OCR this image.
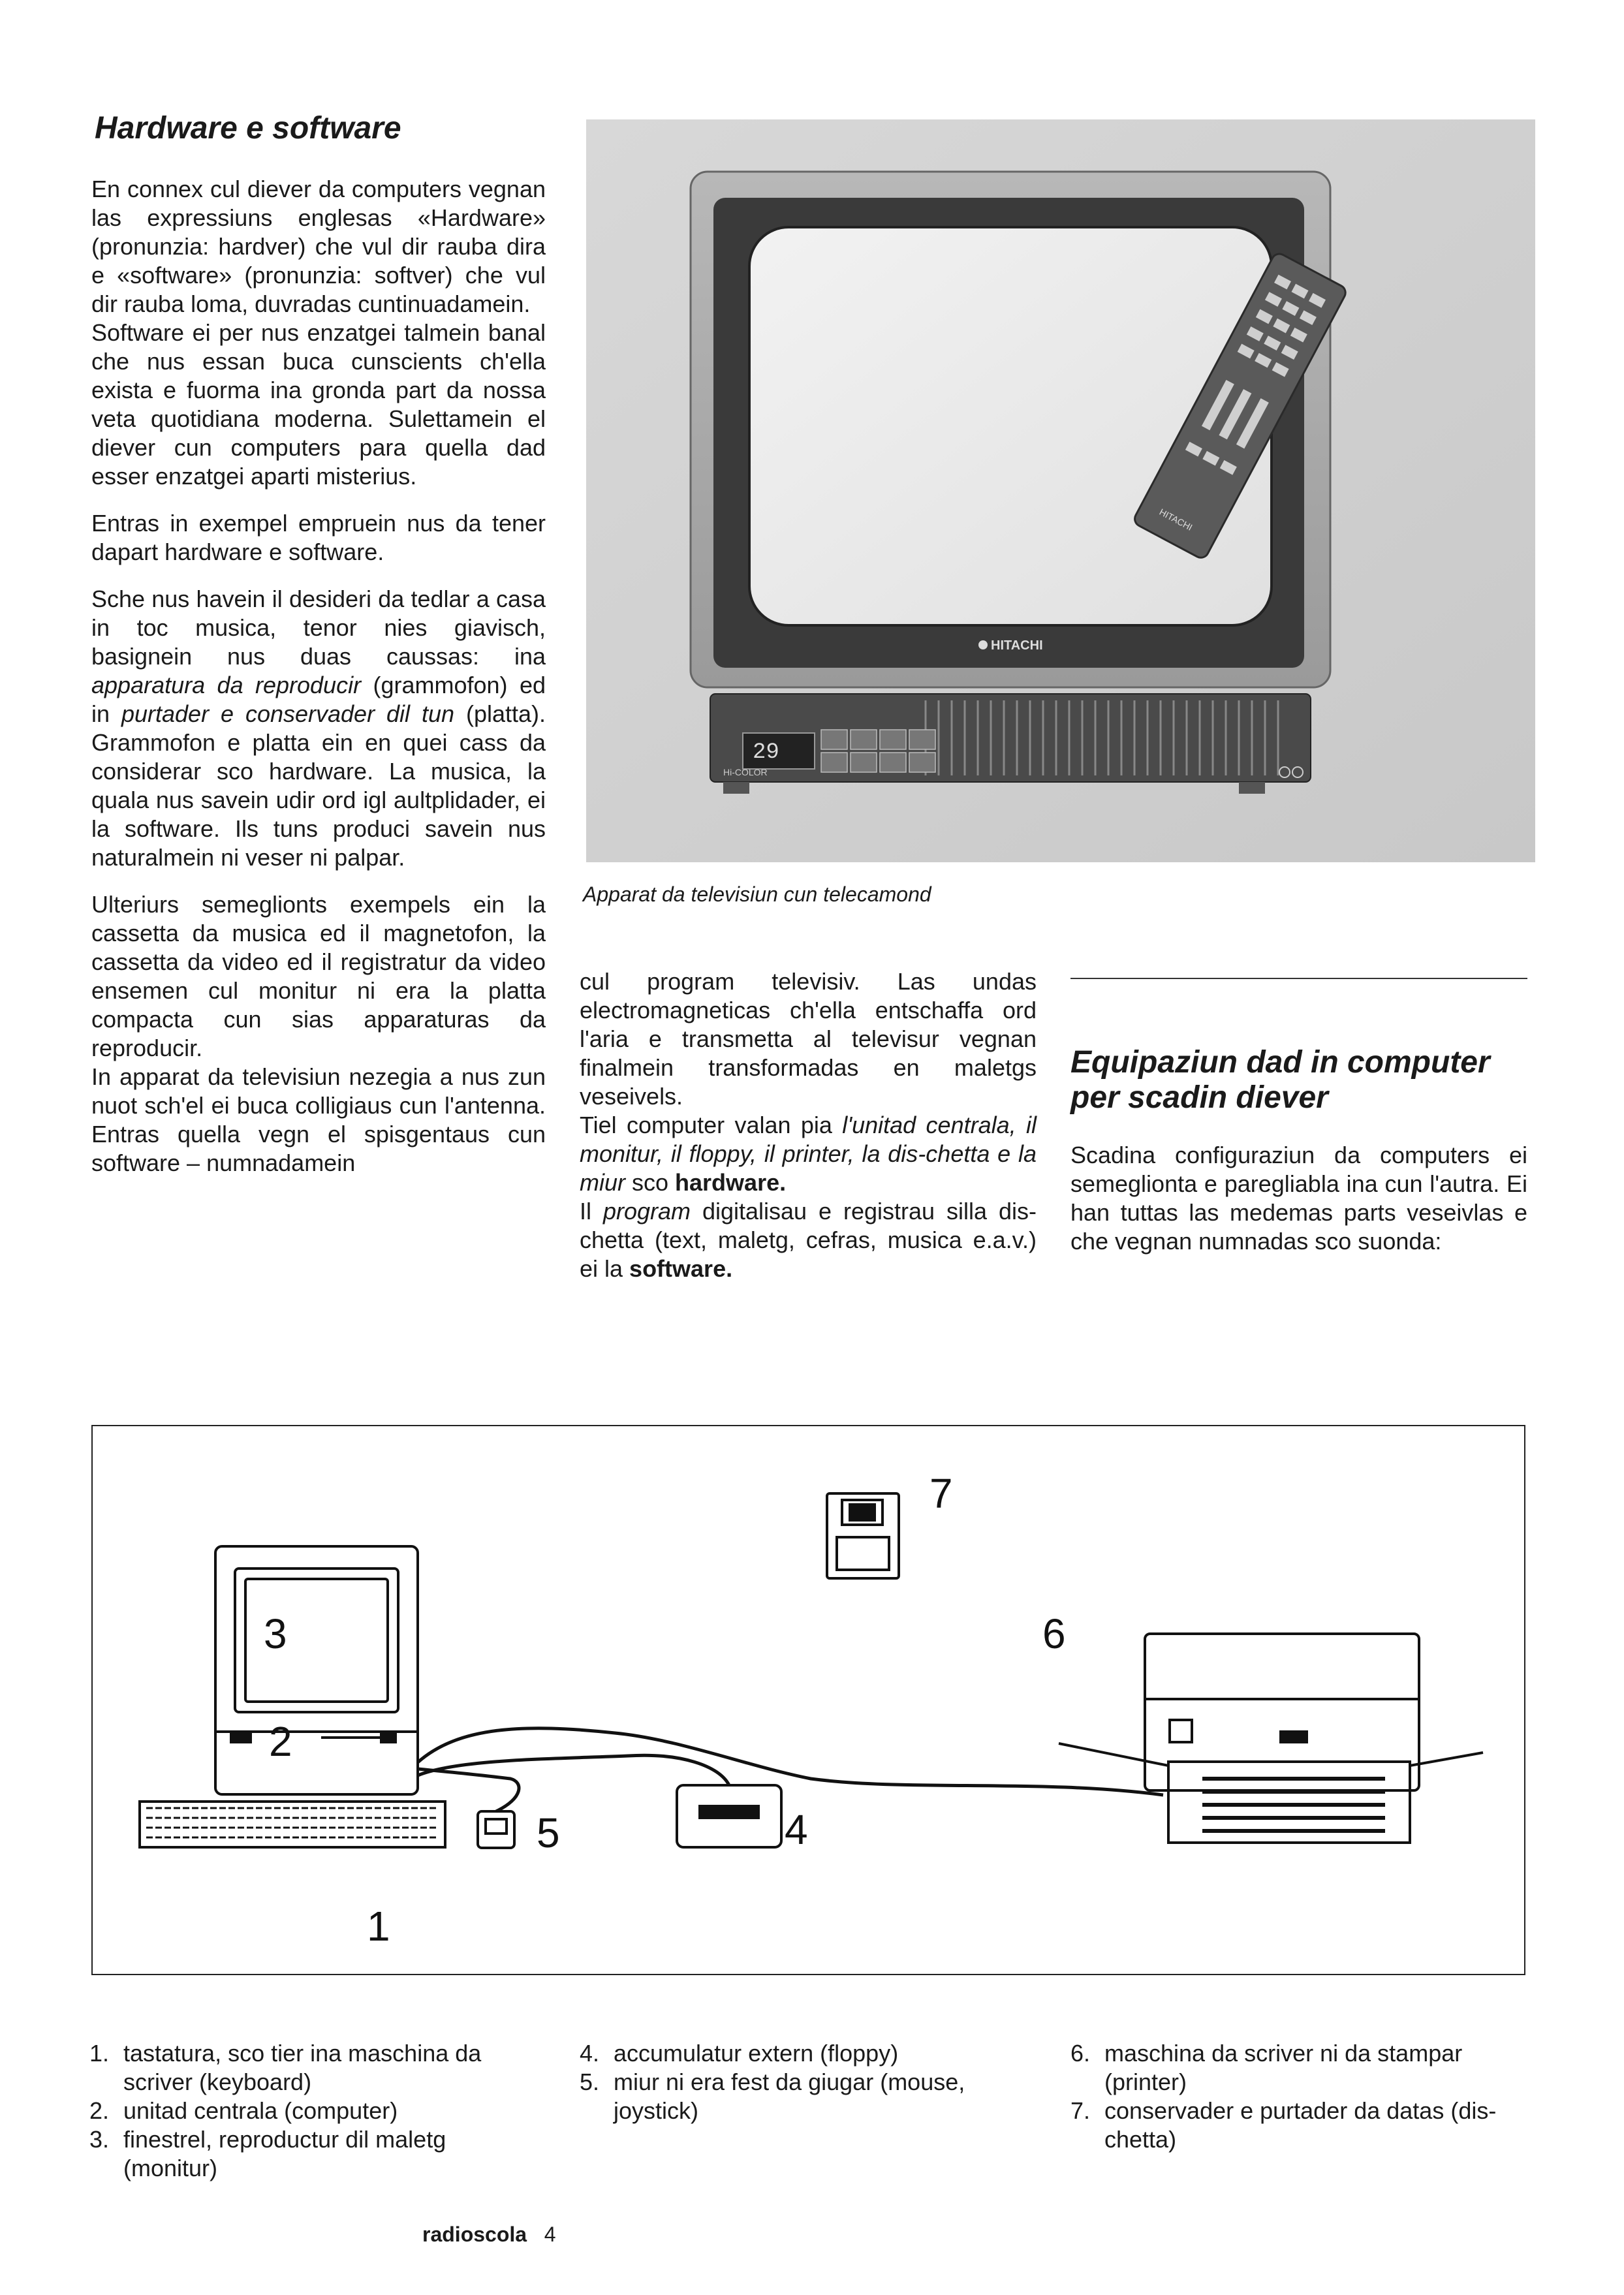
Hardware e software

En connex cul diever da computers vegnan las expressiuns englesas «Hardware» (pronunzia: hardver) che vul dir rauba dira e «software» (pronunzia: softver) che vul dir rauba loma, duvradas cuntinuadamein.

Software ei per nus enzatgei talmein banal che nus essan buca cunscients ch'ella exista e fuorma ina gronda part da nossa veta quotidiana moderna. Sulettamein el diever cun computers para quella dad esser enzatgei aparti misterius.

Entras in exempel empruein nus da tener dapart hardware e software.

Sche nus havein il desideri da tedlar a casa in toc musica, tenor nies giavisch, basignein nus duas caussas: ina apparatura da reproducir (grammofon) ed in purtader e conservader dil tun (platta). Grammofon e platta ein en quei cass da considerar sco hardware. La musica, la quala nus savein udir ord igl aultplidader, ei la software. Ils tuns produci savein nus naturalmein ni veser ni palpar.

Ulteriurs semeglionts exempels ein la cassetta da musica ed il magnetofon, la cassetta da video ed il registratur da video ensemen cul monitur ni era la platta compacta cun sias apparaturas da reproducir.

In apparat da televisiun nezegia a nus zun nuot sch'el ei buca colligiaus cun l'antenna. Entras quella vegn el spisgentaus cun software – numnadamein

HITACHI
29
Hi-COLOR
HITACHI
Apparat da televisiun cun telecamond

cul program televisiv. Las undas electromagneticas ch'ella entschaffa ord l'aria e transmetta al televisur vegnan finalmein transformadas en maletgs veseivels.

Tiel computer valan pia l'unitad centrala, il monitur, il floppy, il printer, la dis-chetta e la miur sco hardware.

Il program digitalisau e registrau silla dis-chetta (text, maletg, cefras, musica e.a.v.) ei la software.

Equipaziun dad in computer per scadin diever
Scadina configuraziun da computers ei semeglionta e paregliabla ina cun l'autra. Ei han tuttas las medemas parts veseivlas e che vegnan numnadas sco suonda:
1
2
3
4
5
6
7
1. tastatura, sco tier ina maschina da scriver (keyboard)
2. unitad centrala (computer)
3. finestrel, reproductur dil maletg (monitur)
4. accumulatur extern (floppy)
5. miur ni era fest da giugar (mouse, joystick)
6. maschina da scriver ni da stampar (printer)
7. conservader e purtader da datas (dis-chetta)
radioscola 4
